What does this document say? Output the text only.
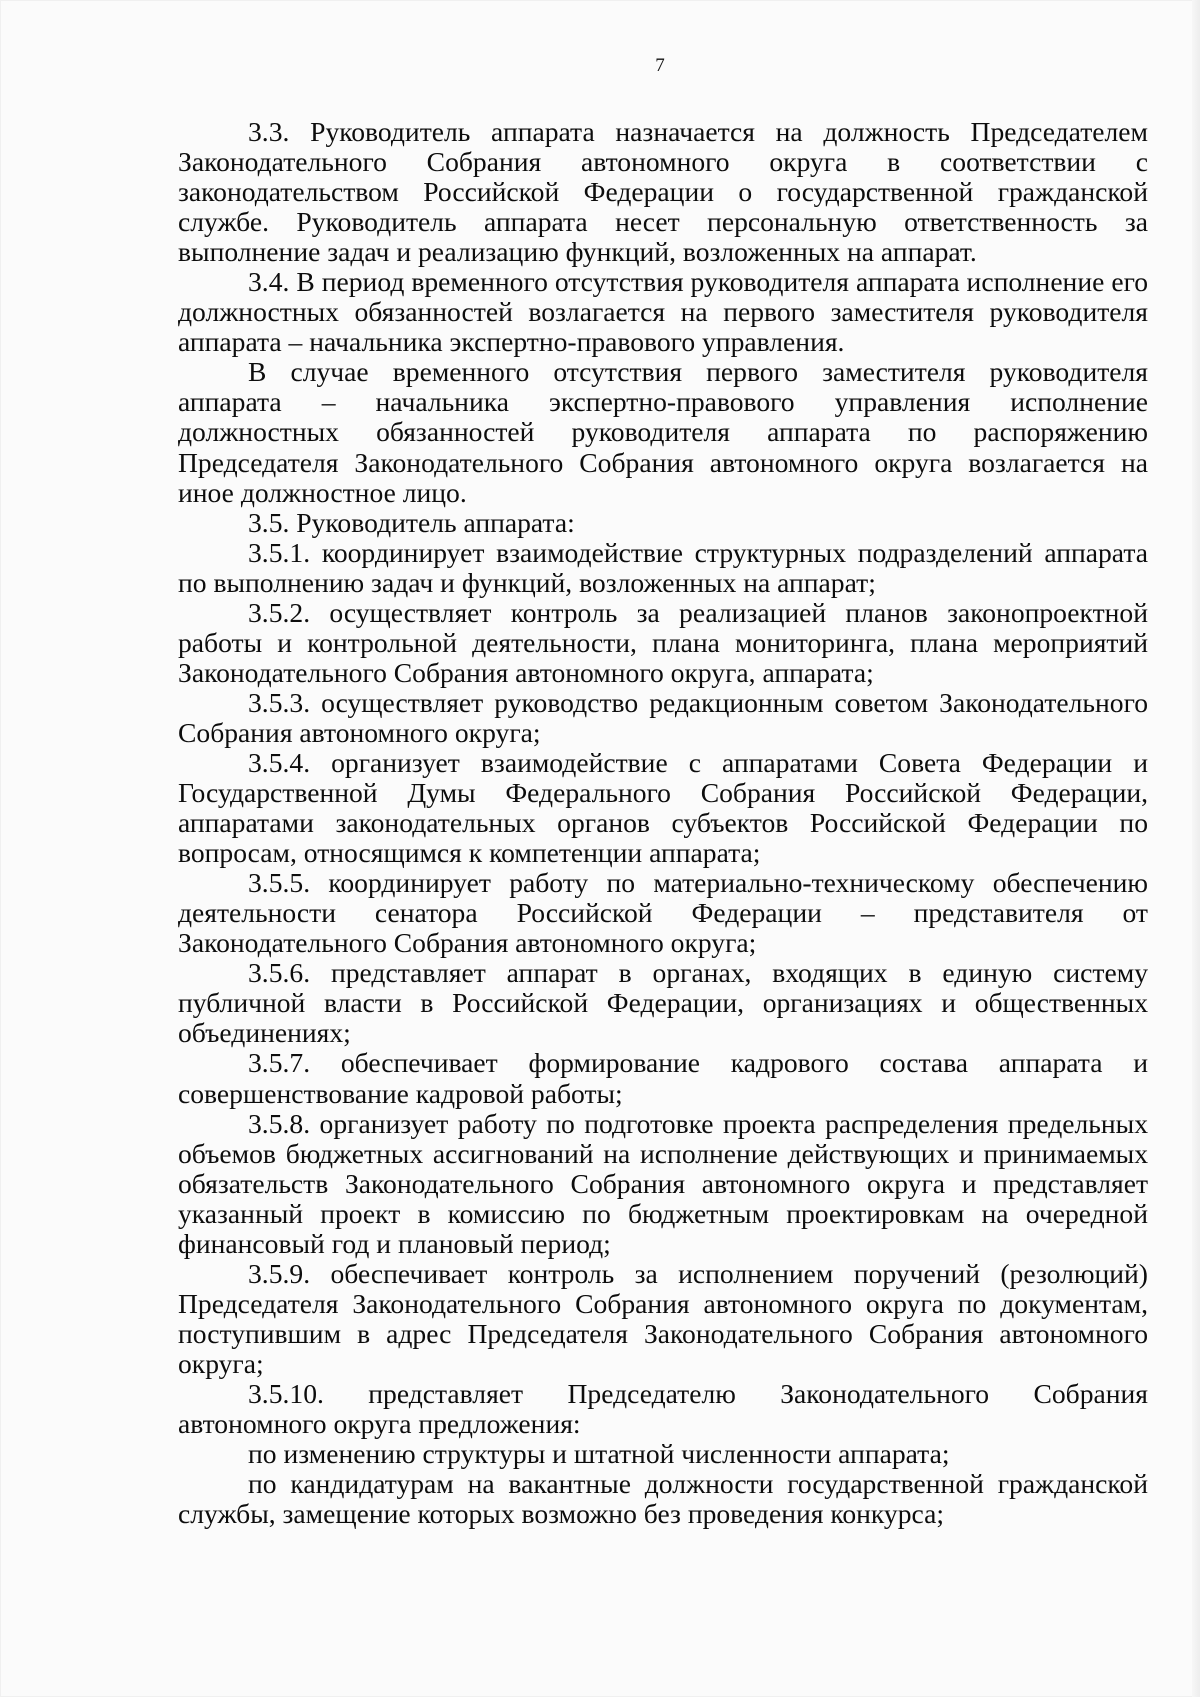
7

3.3. Руководитель аппарата назначается на должность Председателем Законодательного Собрания автономного округа в соответствии с законодательством Российской Федерации о государственной гражданской службе. Руководитель аппарата несет персональную ответственность за выполнение задач и реализацию функций, возложенных на аппарат.

3.4. В период временного отсутствия руководителя аппарата исполнение его должностных обязанностей возлагается на первого заместителя руководителя аппарата – начальника экспертно-правового управления.

В случае временного отсутствия первого заместителя руководителя аппарата – начальника экспертно-правового управления исполнение должностных обязанностей руководителя аппарата по распоряжению Председателя Законодательного Собрания автономного округа возлагается на иное должностное лицо.

3.5. Руководитель аппарата:

3.5.1. координирует взаимодействие структурных подразделений аппарата по выполнению задач и функций, возложенных на аппарат;

3.5.2. осуществляет контроль за реализацией планов законопроектной работы и контрольной деятельности, плана мониторинга, плана мероприятий Законодательного Собрания автономного округа, аппарата;

3.5.3. осуществляет руководство редакционным советом Законодательного Собрания автономного округа;

3.5.4. организует взаимодействие с аппаратами Совета Федерации и Государственной Думы Федерального Собрания Российской Федерации, аппаратами законодательных органов субъектов Российской Федерации по вопросам, относящимся к компетенции аппарата;

3.5.5. координирует работу по материально-техническому обеспечению деятельности сенатора Российской Федерации – представителя от Законодательного Собрания автономного округа;

3.5.6. представляет аппарат в органах, входящих в единую систему публичной власти в Российской Федерации, организациях и общественных объединениях;

3.5.7. обеспечивает формирование кадрового состава аппарата и совершенствование кадровой работы;

3.5.8. организует работу по подготовке проекта распределения предельных объемов бюджетных ассигнований на исполнение действующих и принимаемых обязательств Законодательного Собрания автономного округа и представляет указанный проект в комиссию по бюджетным проектировкам на очередной финансовый год и плановый период;

3.5.9. обеспечивает контроль за исполнением поручений (резолюций) Председателя Законодательного Собрания автономного округа по документам, поступившим в адрес Председателя Законодательного Собрания автономного округа;

3.5.10. представляет Председателю Законодательного Собрания автономного округа предложения:

по изменению структуры и штатной численности аппарата;

по кандидатурам на вакантные должности государственной гражданской службы, замещение которых возможно без проведения конкурса;
